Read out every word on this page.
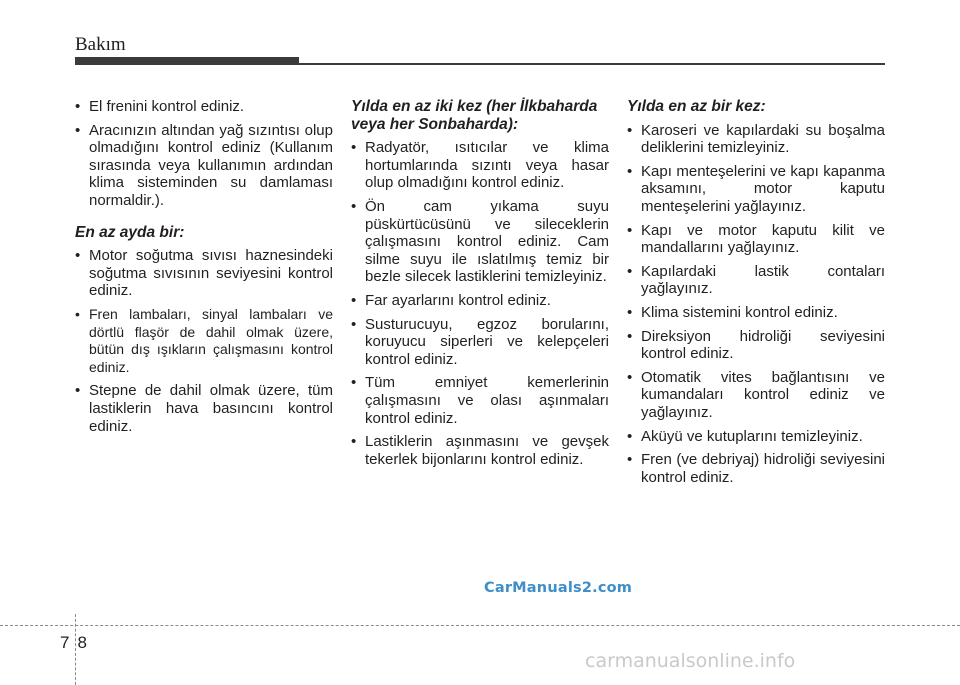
Bakım
• El frenini kontrol ediniz.
• Aracınızın altından yağ sızıntısı olup olmadığını kontrol ediniz (Kullanım sırasında veya kullanımın ardından klima sisteminden su damlaması normaldir.).
En az ayda bir:
• Motor soğutma sıvısı haznesindeki soğutma sıvısının seviyesini kontrol ediniz.
• Fren lambaları, sinyal lambaları ve dörtlü flaşör de dahil olmak üzere, bütün dış ışıkların çalışmasını kontrol ediniz.
• Stepne de dahil olmak üzere, tüm lastiklerin hava basıncını kontrol ediniz.
Yılda en az iki kez (her İlkbaharda veya her Sonbaharda):
• Radyatör, ısıtıcılar ve klima hortumlarında sızıntı veya hasar olup olmadığını kontrol ediniz.
• Ön cam yıkama suyu püskürtücüsünü ve sileceklerin çalışmasını kontrol ediniz. Cam silme suyu ile ıslatılmış temiz bir bezle silecek lastiklerini temizleyiniz.
• Far ayarlarını kontrol ediniz.
• Susturucuyu, egzoz borularını, koruyucu siperleri ve kelepçeleri kontrol ediniz.
• Tüm emniyet kemerlerinin çalışmasını ve olası aşınmaları kontrol ediniz.
• Lastiklerin aşınmasını ve gevşek tekerlek bijonlarını kontrol ediniz.
Yılda en az bir kez:
• Karoseri ve kapılardaki su boşalma deliklerini temizleyiniz.
• Kapı menteşelerini ve kapı kapanma aksamını, motor kaputu menteşelerini yağlayınız.
• Kapı ve motor kaputu kilit ve mandallarını yağlayınız.
• Kapılardaki lastik contaları yağlayınız.
• Klima sistemini kontrol ediniz.
• Direksiyon hidroliği seviyesini kontrol ediniz.
• Otomatik vites bağlantısını ve kumandaları kontrol ediniz ve yağlayınız.
• Aküyü ve kutuplarını temizleyiniz.
• Fren (ve debriyaj) hidroliği seviyesini kontrol ediniz.
CarManuals2.com
78
carmanualsonline.info
